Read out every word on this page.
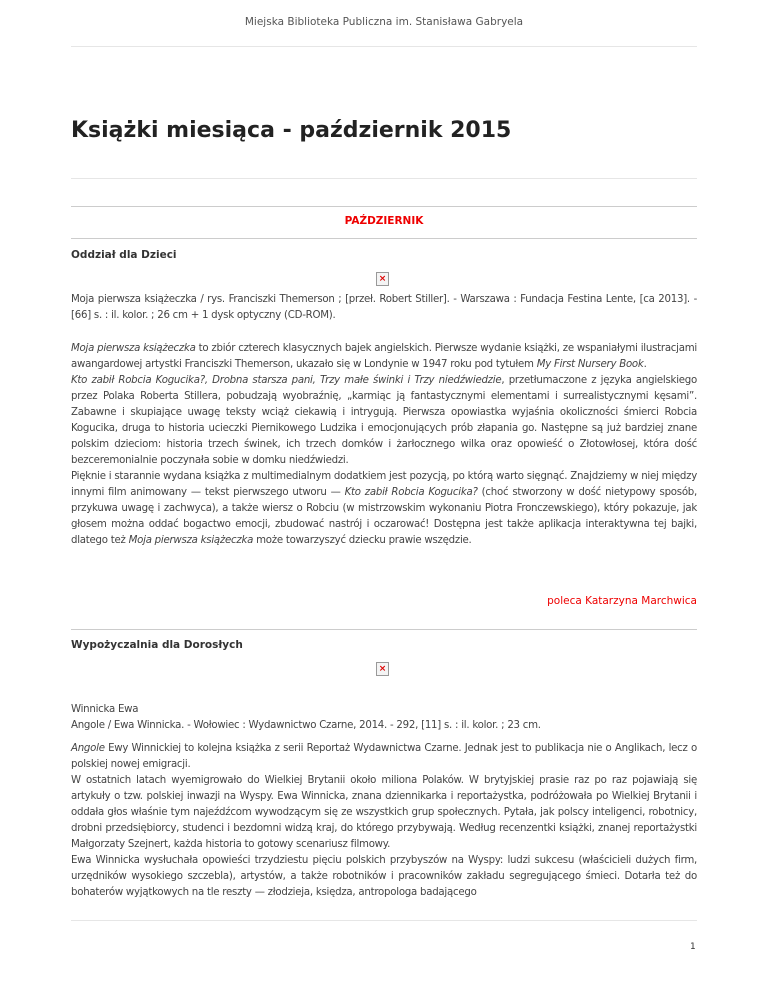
Miejska Biblioteka Publiczna im. Stanisława Gabryela
Książki miesiąca - październik 2015
PAŹDZIERNIK
Oddział dla Dzieci
×
Moja pierwsza książeczka / rys. Franciszki Themerson ; [przeł. Robert Stiller]. - Warszawa : Fundacja Festina Lente, [ca 2013]. - [66] s. : il. kolor. ; 26 cm + 1 dysk optyczny (CD-ROM).
Moja pierwsza książeczka to zbiór czterech klasycznych bajek angielskich. Pierwsze wydanie książki, ze wspaniałymi ilustracjami awangardowej artystki Franciszki Themerson, ukazało się w Londynie w 1947 roku pod tytułem My First Nursery Book.
Kto zabił Robcia Kogucika?, Drobna starsza pani, Trzy małe świnki i Trzy niedźwiedzie, przetłumaczone z języka angielskiego przez Polaka Roberta Stillera, pobudzają wyobraźnię, „karmiąc ją fantastycznymi elementami i surrealistycznymi kęsami”. Zabawne i skupiające uwagę teksty wciąż ciekawią i intrygują. Pierwsza opowiastka wyjaśnia okoliczności śmierci Robcia Kogucika, druga to historia ucieczki Piernikowego Ludzika i emocjonujących prób złapania go. Następne są już bardziej znane polskim dzieciom: historia trzech świnek, ich trzech domków i żarłocznego wilka oraz opowieść o Złotowłosej, która dość bezceremonialnie poczynała sobie w domku niedźwiedzi.
Pięknie i starannie wydana książka z multimedialnym dodatkiem jest pozycją, po którą warto sięgnąć. Znajdziemy w niej między innymi film animowany — tekst pierwszego utworu — Kto zabił Robcia Kogucika? (choć stworzony w dość nietypowy sposób, przykuwa uwagę i zachwyca), a także wiersz o Robciu (w mistrzowskim wykonaniu Piotra Fronczewskiego), który pokazuje, jak głosem można oddać bogactwo emocji, zbudować nastrój i oczarować! Dostępna jest także aplikacja interaktywna tej bajki, dlatego też Moja pierwsza książeczka może towarzyszyć dziecku prawie wszędzie.
poleca Katarzyna Marchwica
Wypożyczalnia dla Dorosłych
×
Winnicka Ewa
Angole / Ewa Winnicka. - Wołowiec : Wydawnictwo Czarne, 2014. - 292, [11] s. : il. kolor. ; 23 cm.
Angole Ewy Winnickiej to kolejna książka z serii Reportaż Wydawnictwa Czarne. Jednak jest to publikacja nie o Anglikach, lecz o polskiej nowej emigracji.
W ostatnich latach wyemigrowało do Wielkiej Brytanii około miliona Polaków. W brytyjskiej prasie raz po raz pojawiają się artykuły o tzw. polskiej inwazji na Wyspy. Ewa Winnicka, znana dziennikarka i reportażystka, podróżowała po Wielkiej Brytanii i oddała głos właśnie tym najeźdźcom wywodzącym się ze wszystkich grup społecznych. Pytała, jak polscy inteligenci, robotnicy, drobni przedsiębiorcy, studenci i bezdomni widzą kraj, do którego przybywają. Według recenzentki książki, znanej reportażystki Małgorzaty Szejnert, każda historia to gotowy scenariusz filmowy.
Ewa Winnicka wysłuchała opowieści trzydziestu pięciu polskich przybyszów na Wyspy: ludzi sukcesu (właścicieli dużych firm, urzędników wysokiego szczebla), artystów, a także robotników i pracowników zakładu segregującego śmieci. Dotarła też do bohaterów wyjątkowych na tle reszty — złodzieja, księdza, antropologa badającego
1
